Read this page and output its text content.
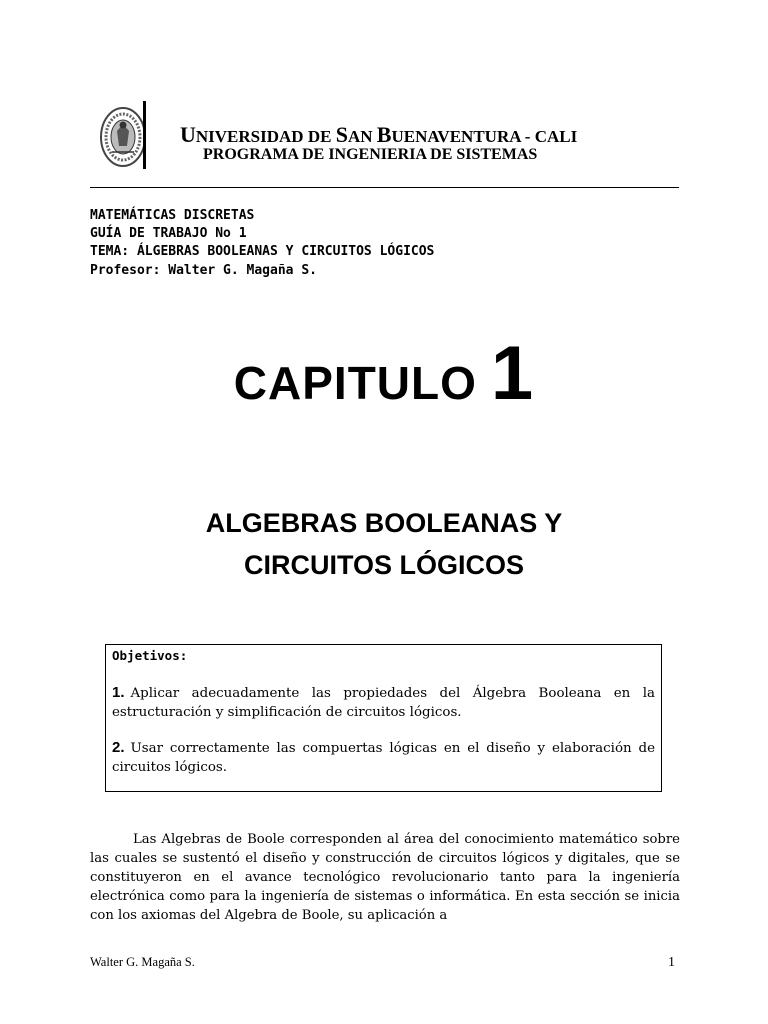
UNIVERSIDAD DE SAN BUENAVENTURA - CALI
PROGRAMA DE INGENIERIA DE SISTEMAS
MATEMÁTICAS DISCRETAS
GUÍA DE TRABAJO No 1
TEMA: ÁLGEBRAS BOOLEANAS Y CIRCUITOS LÓGICOS
Profesor: Walter G. Magaña S.
CAPITULO 1
ALGEBRAS BOOLEANAS Y
CIRCUITOS LÓGICOS
Objetivos:
1. Aplicar adecuadamente las propiedades del Álgebra Booleana en la estructuración y simplificación de circuitos lógicos.
2. Usar correctamente las compuertas lógicas en el diseño y elaboración de circuitos lógicos.
Las Algebras de Boole corresponden al área del conocimiento matemático sobre las cuales se sustentó el diseño y construcción de circuitos lógicos y digitales, que se constituyeron en el avance tecnológico revolucionario tanto para la ingeniería electrónica como para la ingeniería de sistemas o informática. En esta sección se inicia con los axiomas del Algebra de Boole, su aplicación a
Walter G. Magaña S.	1
